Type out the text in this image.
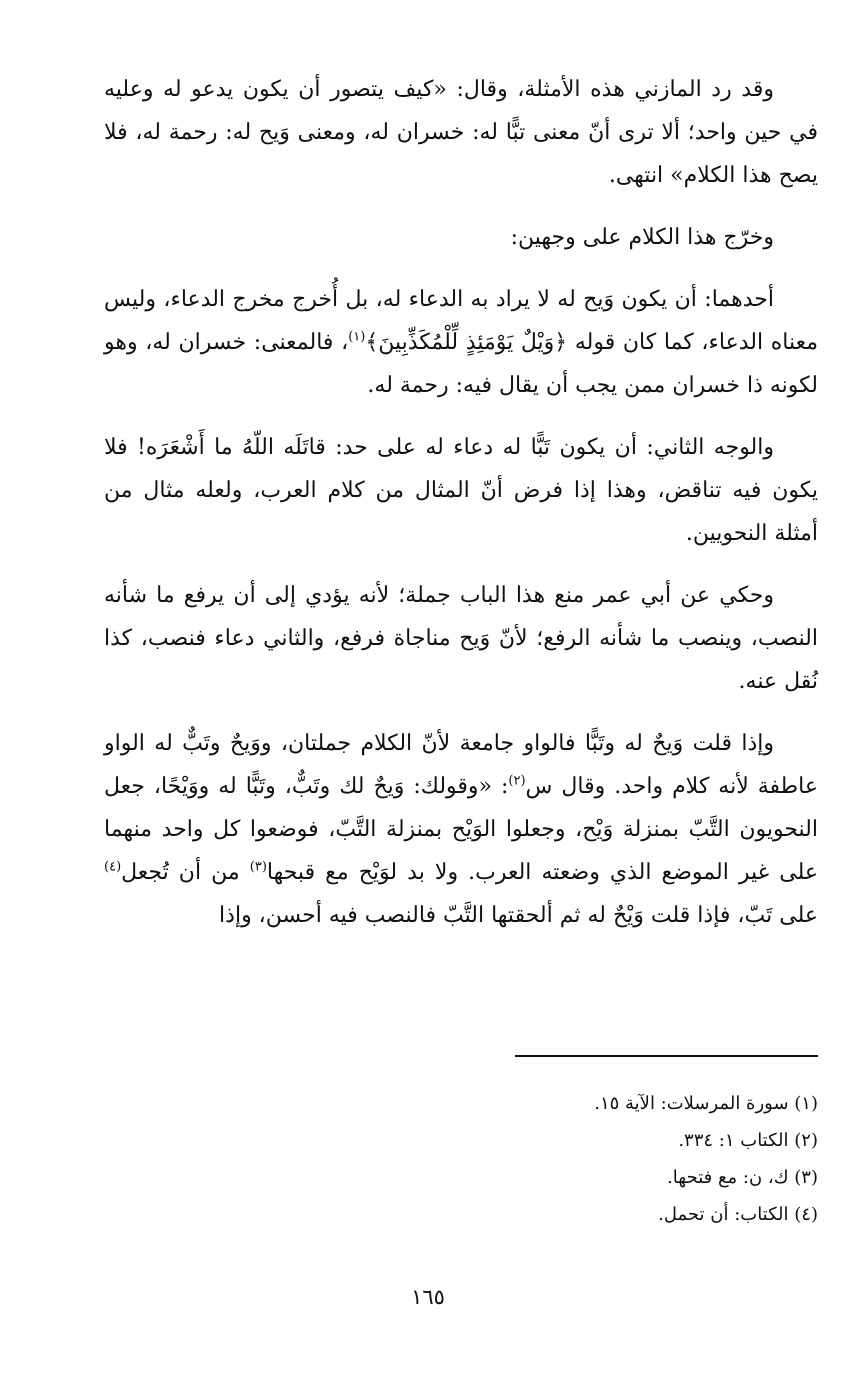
وقد رد المازني هذه الأمثلة، وقال: «كيف يتصور أن يكون يدعو له وعليه في حين واحد؛ ألا ترى أنّ معنى تبًّا له: خسران له، ومعنى وَيح له: رحمة له، فلا يصح هذا الكلام» انتهى.

وخرّج هذا الكلام على وجهين:

أحدهما: أن يكون وَيح له لا يراد به الدعاء له، بل أُخرج مخرج الدعاء، وليس معناه الدعاء، كما كان قوله ﴿وَيْلٌ يَوْمَئِذٍ لِّلْمُكَذِّبِينَ﴾$^{(١)}$، فالمعنى: خسران له، وهو لكونه ذا خسران ممن يجب أن يقال فيه: رحمة له.

والوجه الثاني: أن يكون تَبًّا له دعاء له على حد: قاتَلَه اللّهُ ما أَشْعَرَه! فلا يكون فيه تناقض، وهذا إذا فرض أنّ المثال من كلام العرب، ولعله مثال من أمثلة النحويين.

وحكي عن أبي عمر منع هذا الباب جملة؛ لأنه يؤدي إلى أن يرفع ما شأنه النصب، وينصب ما شأنه الرفع؛ لأنّ وَيح مناجاة فرفع، والثاني دعاء فنصب، كذا نُقل عنه.

وإذا قلت وَيحٌ له وتَبًّا فالواو جامعة لأنّ الكلام جملتان، ووَيحٌ وتَبٌّ له الواو عاطفة لأنه كلام واحد. وقال س$^{(٢)}$: «وقولك: وَيحٌ لك وتَبٌّ، وتَبًّا له ووَيْحًا، جعل النحويون التَّبّ بمنزلة وَيْح، وجعلوا الوَيْح بمنزلة التَّبّ، فوضعوا كل واحد منهما على غير الموضع الذي وضعته العرب. ولا بد لوَيْح مع قبحها$^{(٣)}$ من أن تُجعل$^{(٤)}$ على تَبّ، فإذا قلت وَيْحٌ له ثم ألحقتها التَّبّ فالنصب فيه أحسن، وإذا

(١) سورة المرسلات: الآية ١٥.
(٢) الكتاب ١: ٣٣٤.
(٣) ك، ن: مع فتحها.
(٤) الكتاب: أن تحمل.
١٦٥
